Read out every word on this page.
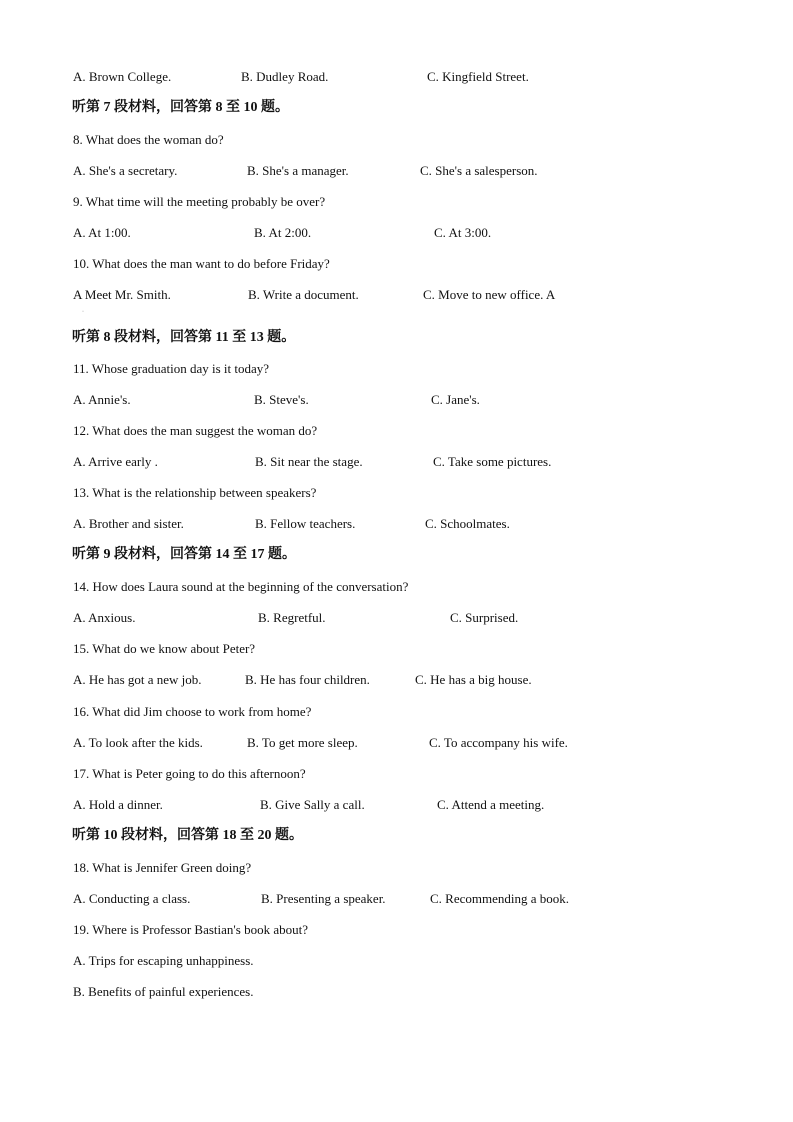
A. Brown College.	B. Dudley Road.	C. Kingfield Street.
听第 7 段材料，回答第 8 至 10 题。
8. What does the woman do?
A. She's a secretary.	B. She's a manager.	C. She's a salesperson.
9. What time will the meeting probably be over?
A. At 1:00.	B. At 2:00.	C. At 3:00.
10. What does the man want to do before Friday?
A Meet Mr. Smith.	B. Write a document.	C. Move to new office. A
听第 8 段材料，回答第 11 至 13 题。
11. Whose graduation day is it today?
A. Annie's.	B. Steve's.	C. Jane's.
12. What does the man suggest the woman do?
A. Arrive early .	B. Sit near the stage.	C. Take some pictures.
13. What is the relationship between speakers?
A. Brother and sister.	B. Fellow teachers.	C. Schoolmates.
听第 9 段材料，回答第 14 至 17 题。
14. How does Laura sound at the beginning of the conversation?
A. Anxious.	B. Regretful.	C. Surprised.
15. What do we know about Peter?
A. He has got a new job.	B. He has four children.	C. He has a big house.
16. What did Jim choose to work from home?
A. To look after the kids.	B. To get more sleep.	C. To accompany his wife.
17. What is Peter going to do this afternoon?
A. Hold a dinner.	B. Give Sally a call.	C. Attend a meeting.
听第 10 段材料，回答第 18 至 20 题。
18. What is Jennifer Green doing?
A. Conducting a class.	B. Presenting a speaker.	C. Recommending a book.
19. Where is Professor Bastian's book about?
A. Trips for escaping unhappiness.
B. Benefits of painful experiences.
·
